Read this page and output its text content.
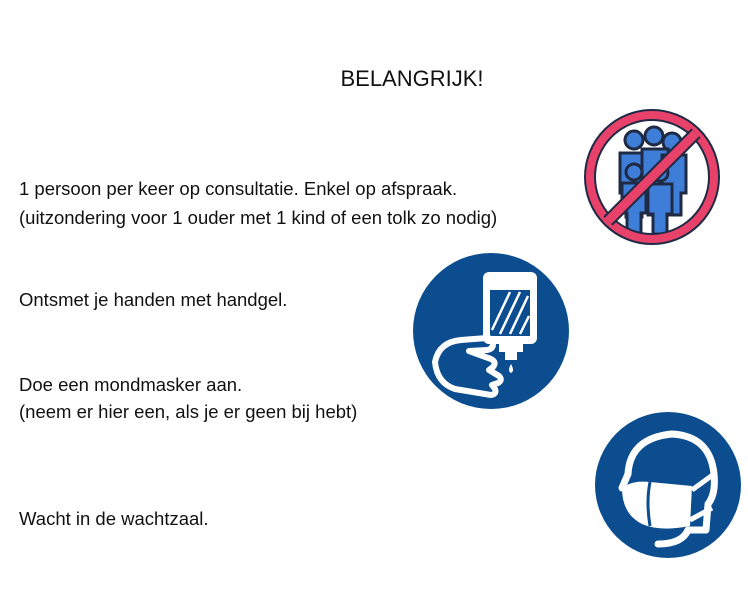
BELANGRIJK!
1 persoon per keer op consultatie. Enkel op afspraak.
(uitzondering voor 1 ouder met 1 kind of een tolk zo nodig)
Ontsmet je handen met handgel.
Doe een mondmasker aan.
(neem er hier een, als je er geen bij hebt)
Wacht in de wachtzaal.
